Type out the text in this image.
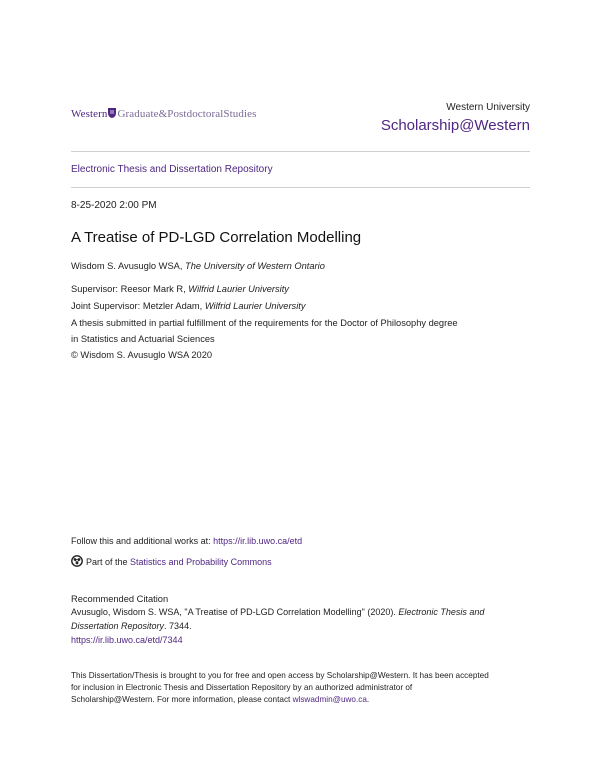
Western Graduate&PostdoctoralStudies
Western University
Scholarship@Western
Electronic Thesis and Dissertation Repository
8-25-2020 2:00 PM
A Treatise of PD-LGD Correlation Modelling
Wisdom S. Avusuglo WSA, The University of Western Ontario
Supervisor: Reesor Mark R, Wilfrid Laurier University
Joint Supervisor: Metzler Adam, Wilfrid Laurier University
A thesis submitted in partial fulfillment of the requirements for the Doctor of Philosophy degree
in Statistics and Actuarial Sciences
© Wisdom S. Avusuglo WSA 2020
Follow this and additional works at: https://ir.lib.uwo.ca/etd
Part of the Statistics and Probability Commons
Recommended Citation
Avusuglo, Wisdom S. WSA, "A Treatise of PD-LGD Correlation Modelling" (2020). Electronic Thesis and
Dissertation Repository. 7344.
https://ir.lib.uwo.ca/etd/7344
This Dissertation/Thesis is brought to you for free and open access by Scholarship@Western. It has been accepted
for inclusion in Electronic Thesis and Dissertation Repository by an authorized administrator of
Scholarship@Western. For more information, please contact wlswadmin@uwo.ca.
